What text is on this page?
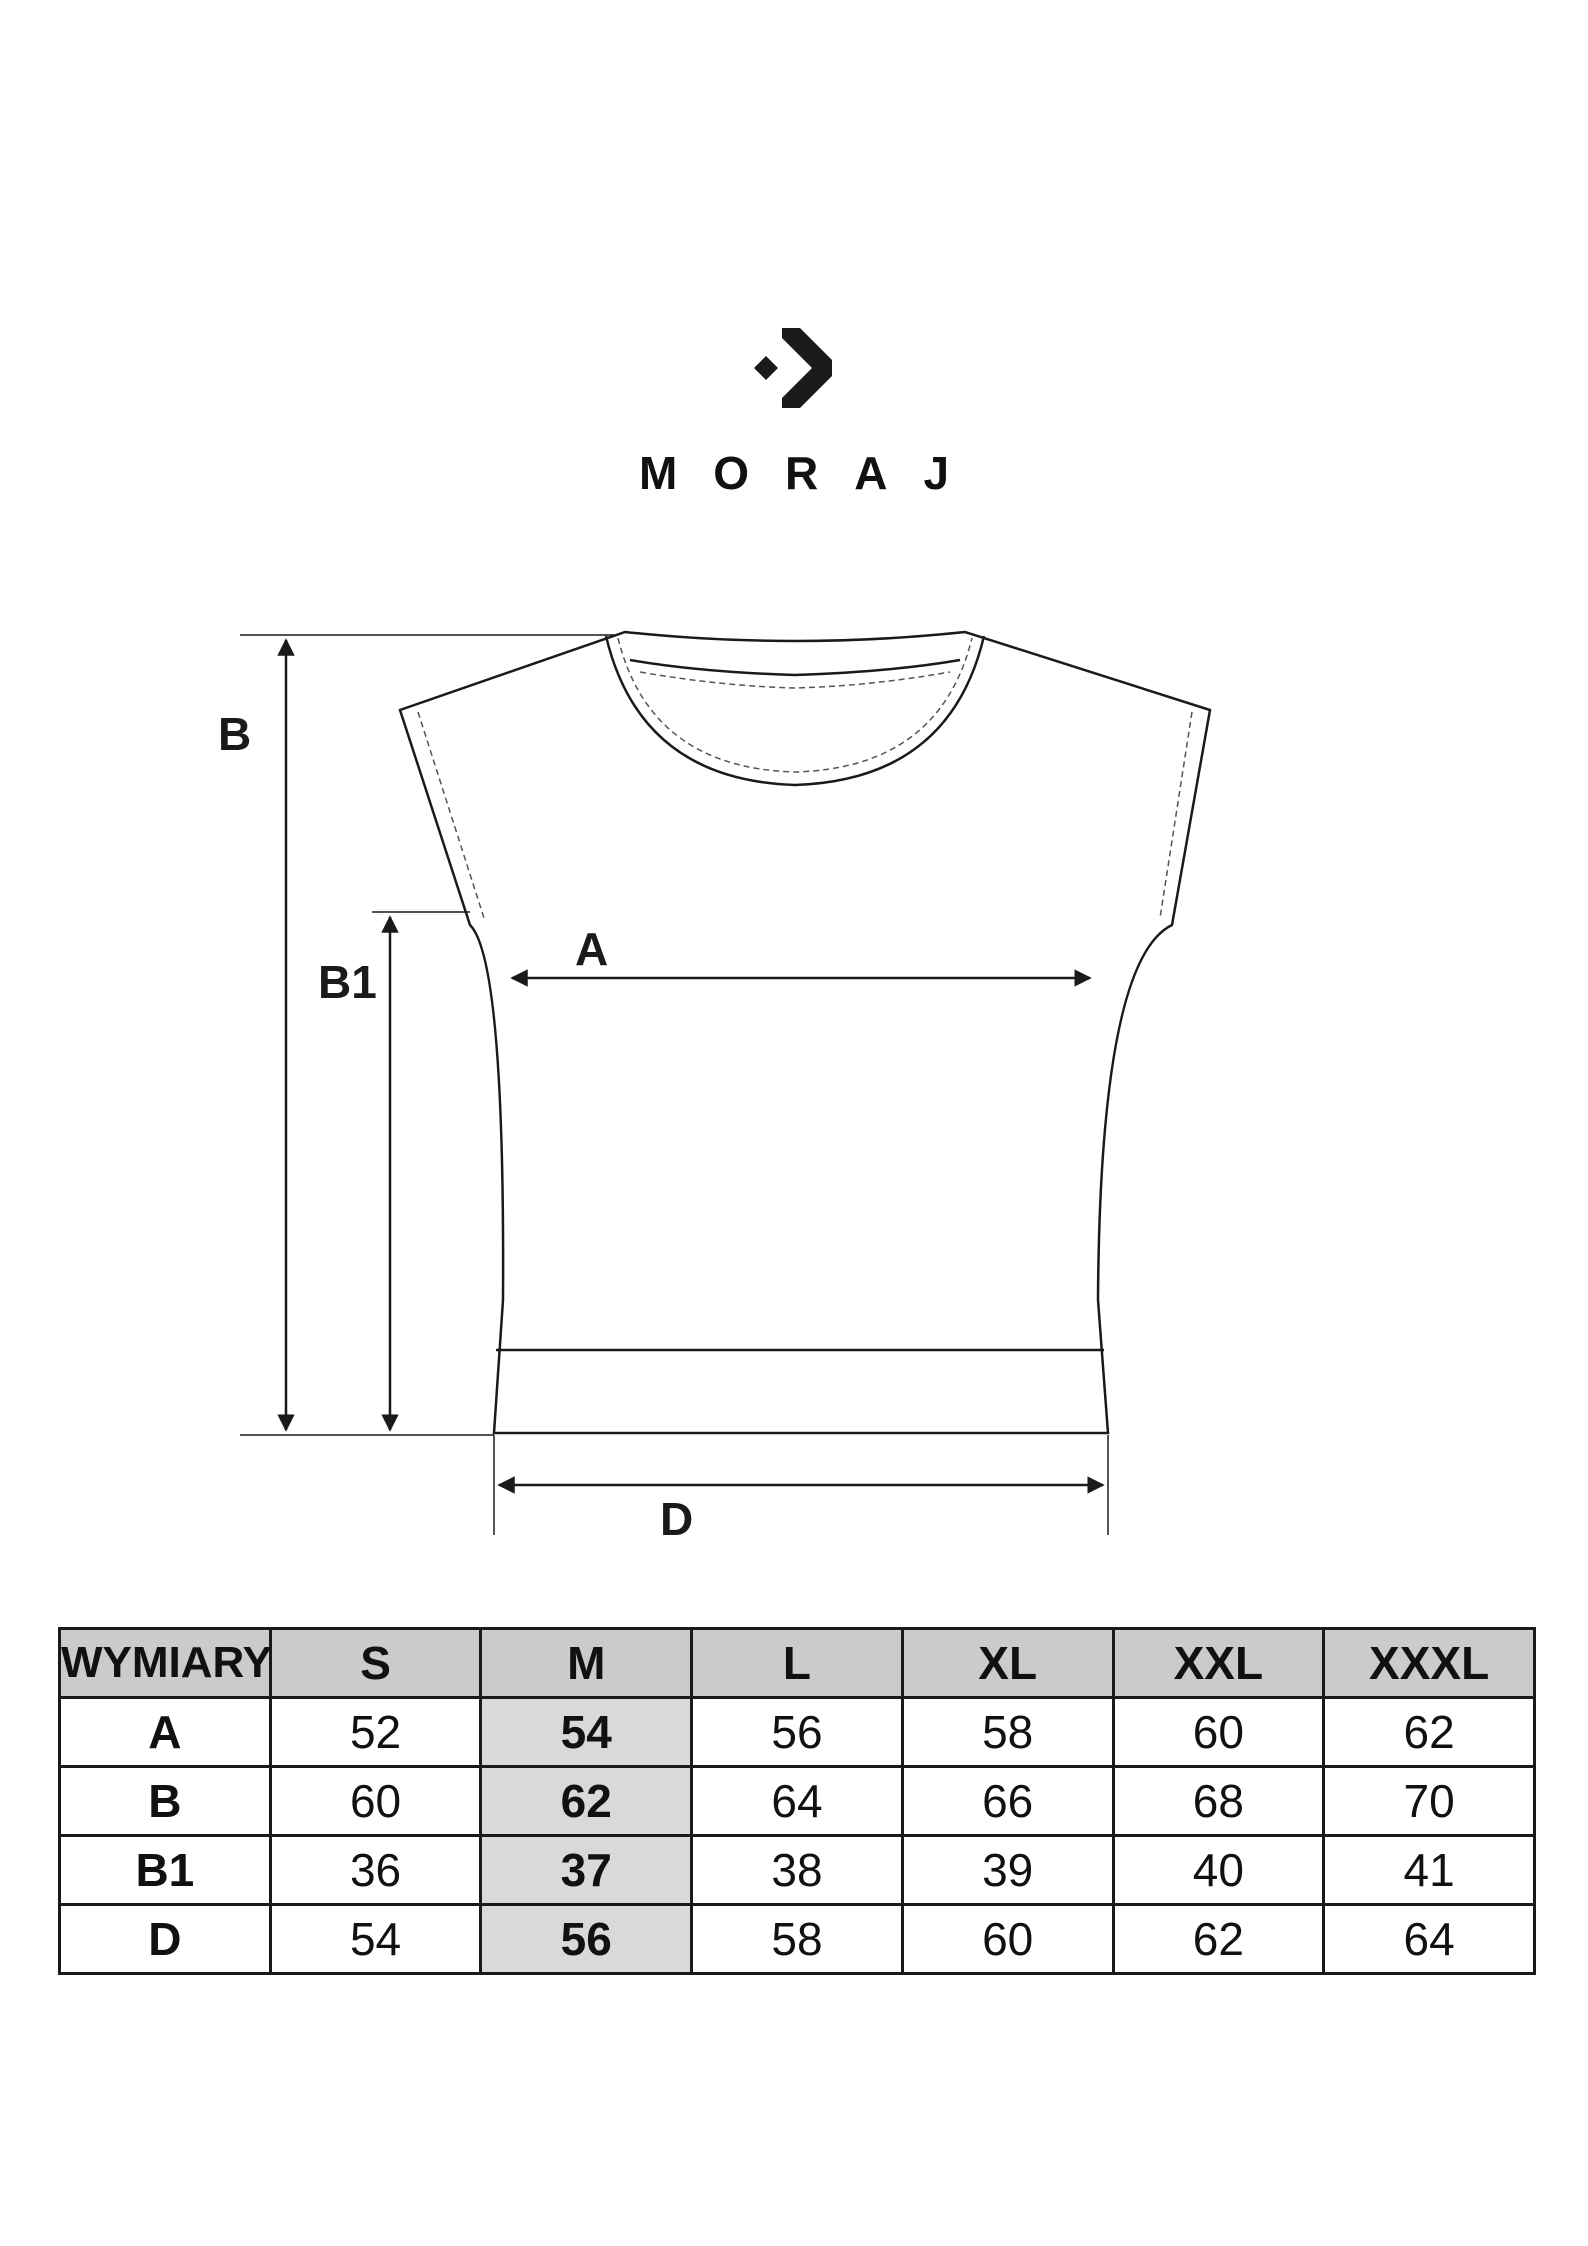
MORAJ
B
B1
A
D
WYMIARY	S	M	L	XL	XXL	XXXL
A	52	54	56	58	60	62
B	60	62	64	66	68	70
B1	36	37	38	39	40	41
D	54	56	58	60	62	64
